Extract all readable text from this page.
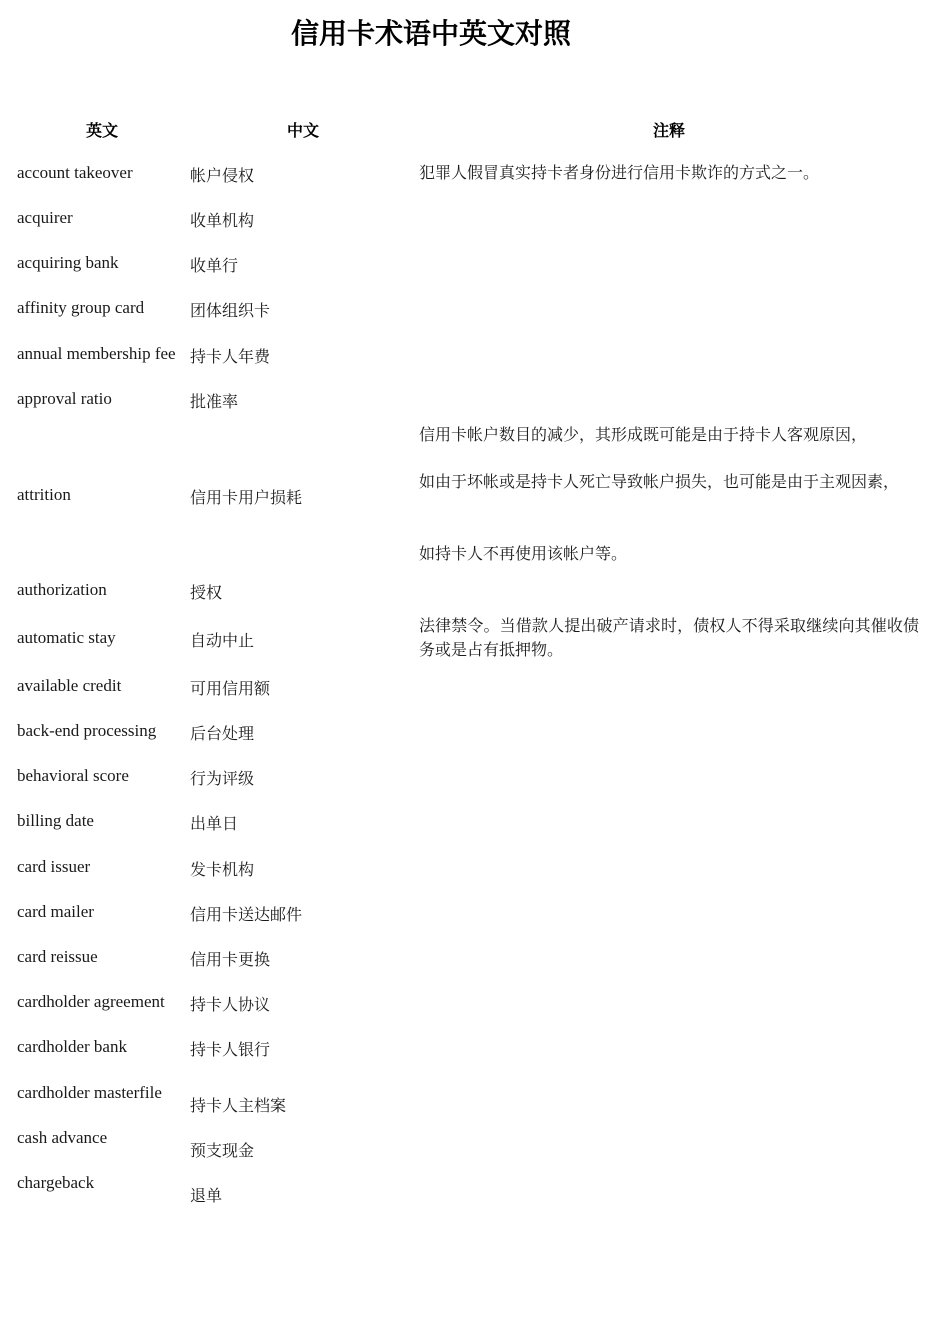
信用卡术语中英文对照
英文	中文	注释
account takeover
acquirer
acquiring bank
affinity group card
annual membership fee
approval ratio
attrition
authorization
automatic stay
available credit
back-end processing
behavioral score
billing date
card issuer
card mailer
card reissue
cardholder agreement
cardholder bank
cardholder masterfile
cash advance
chargeback
帐户侵权
收单机构
收单行
团体组织卡
持卡人年费
批准率
信用卡用户损耗
授权
自动中止
可用信用额
后台处理
行为评级
出单日
发卡机构
信用卡送达邮件
信用卡更换
持卡人协议
持卡人银行
持卡人主档案
预支现金
退单

犯罪人假冒真实持卡者身份进行信用卡欺诈的方式之一。

信用卡帐户数目的减少，其形成既可能是由于持卡人客观原因，

如由于坏帐或是持卡人死亡导致帐户损失，也可能是由于主观因素，

如持卡人不再使用该帐户等。

法律禁令。当借款人提出破产请求时，债权人不得采取继续向其催收债务或是占有抵押物。
